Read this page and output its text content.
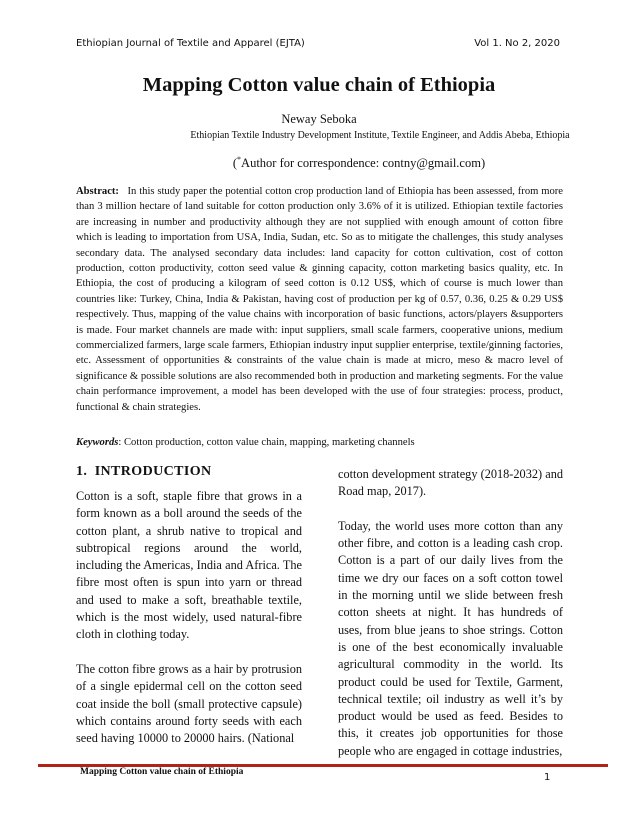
Ethiopian Journal of Textile and Apparel (EJTA)	Vol 1. No 2, 2020
Mapping Cotton value chain of Ethiopia
Neway Seboka
Ethiopian Textile Industry Development Institute, Textile Engineer, and Addis Abeba, Ethiopia
(*Author for correspondence: contny@gmail.com)
Abstract:   In this study paper the potential cotton crop production land of Ethiopia has been assessed, from more than 3 million hectare of land suitable for cotton production only 3.6% of it is utilized. Ethiopian textile factories are increasing in number and productivity although they are not supplied with enough amount of cotton fibre which is leading to importation from USA, India, Sudan, etc. So as to mitigate the challenges, this study analyses secondary data. The analysed secondary data includes: land capacity for cotton cultivation, cost of cotton production, cotton productivity, cotton seed value & ginning capacity, cotton marketing basics quality, etc. In Ethiopia, the cost of producing a kilogram of seed cotton is 0.12 US$, which of course is much lower than countries like: Turkey, China, India & Pakistan, having cost of production per kg of 0.57, 0.36, 0.25 & 0.29 US$ respectively. Thus, mapping of the value chains with incorporation of basic functions, actors/players &supporters is made. Four market channels are made with: input suppliers, small scale farmers, cooperative unions, medium commercialized farmers, large scale farmers, Ethiopian industry input supplier enterprise, textile/ginning factories, etc. Assessment of opportunities & constraints of the value chain is made at micro, meso & macro level of significance & possible solutions are also recommended both in production and marketing segments. For the value chain performance improvement, a model has been developed with the use of four strategies: process, product, functional & chain strategies.
Keywords: Cotton production, cotton value chain, mapping, marketing channels
1. INTRODUCTION

Cotton is a soft, staple fibre that grows in a form known as a boll around the seeds of the cotton plant, a shrub native to tropical and subtropical regions around the world, including the Americas, India and Africa. The fibre most often is spun into yarn or thread and used to make a soft, breathable textile, which is the most widely, used natural-fibre cloth in clothing today.

The cotton fibre grows as a hair by protrusion of a single epidermal cell on the cotton seed coat inside the boll (small protective capsule) which contains around forty seeds with each seed having 10000 to 20000 hairs. (National

cotton development strategy (2018-2032) and Road map, 2017).

Today, the world uses more cotton than any other fibre, and cotton is a leading cash crop. Cotton is a part of our daily lives from the time we dry our faces on a soft cotton towel in the morning until we slide between fresh cotton sheets at night. It has hundreds of uses, from blue jeans to shoe strings. Cotton is one of the best economically invaluable agricultural commodity in the world. Its product could be used for Textile, Garment, technical textile; oil industry as well it’s by product would be used as feed. Besides to this, it creates job opportunities for those people who are engaged in cottage industries,

Mapping Cotton value chain of Ethiopia	1
